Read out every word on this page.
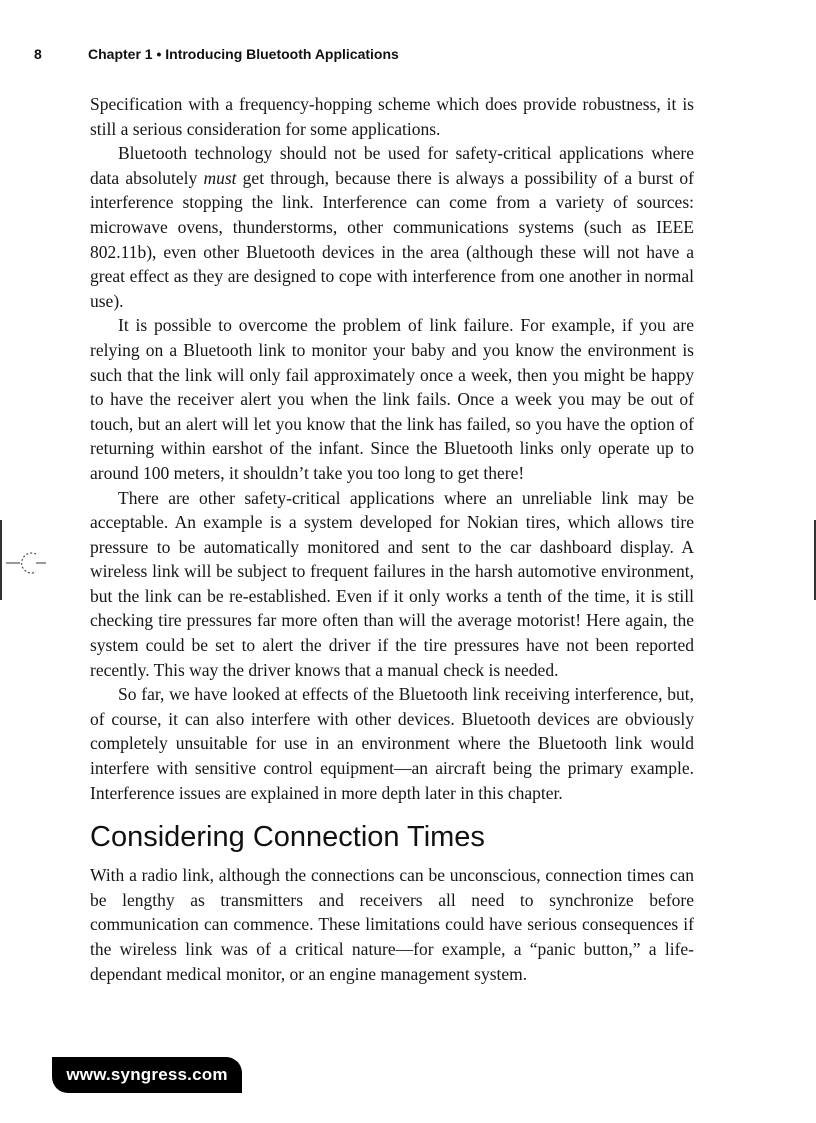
8	Chapter 1 • Introducing Bluetooth Applications

Specification with a frequency-hopping scheme which does provide robustness, it is still a serious consideration for some applications.

Bluetooth technology should not be used for safety-critical applications where data absolutely must get through, because there is always a possibility of a burst of interference stopping the link. Interference can come from a variety of sources: microwave ovens, thunderstorms, other communications systems (such as IEEE 802.11b), even other Bluetooth devices in the area (although these will not have a great effect as they are designed to cope with interference from one another in normal use).

It is possible to overcome the problem of link failure. For example, if you are relying on a Bluetooth link to monitor your baby and you know the environment is such that the link will only fail approximately once a week, then you might be happy to have the receiver alert you when the link fails. Once a week you may be out of touch, but an alert will let you know that the link has failed, so you have the option of returning within earshot of the infant. Since the Bluetooth links only operate up to around 100 meters, it shouldn’t take you too long to get there!

There are other safety-critical applications where an unreliable link may be acceptable. An example is a system developed for Nokian tires, which allows tire pressure to be automatically monitored and sent to the car dashboard display. A wireless link will be subject to frequent failures in the harsh automotive environment, but the link can be re-established. Even if it only works a tenth of the time, it is still checking tire pressures far more often than will the average motorist! Here again, the system could be set to alert the driver if the tire pressures have not been reported recently. This way the driver knows that a manual check is needed.

So far, we have looked at effects of the Bluetooth link receiving interference, but, of course, it can also interfere with other devices. Bluetooth devices are obviously completely unsuitable for use in an environment where the Bluetooth link would interfere with sensitive control equipment—an aircraft being the primary example. Interference issues are explained in more depth later in this chapter.

Considering Connection Times

With a radio link, although the connections can be unconscious, connection times can be lengthy as transmitters and receivers all need to synchronize before communication can commence. These limitations could have serious consequences if the wireless link was of a critical nature—for example, a “panic button,” a life-dependant medical monitor, or an engine management system.

www.syngress.com
